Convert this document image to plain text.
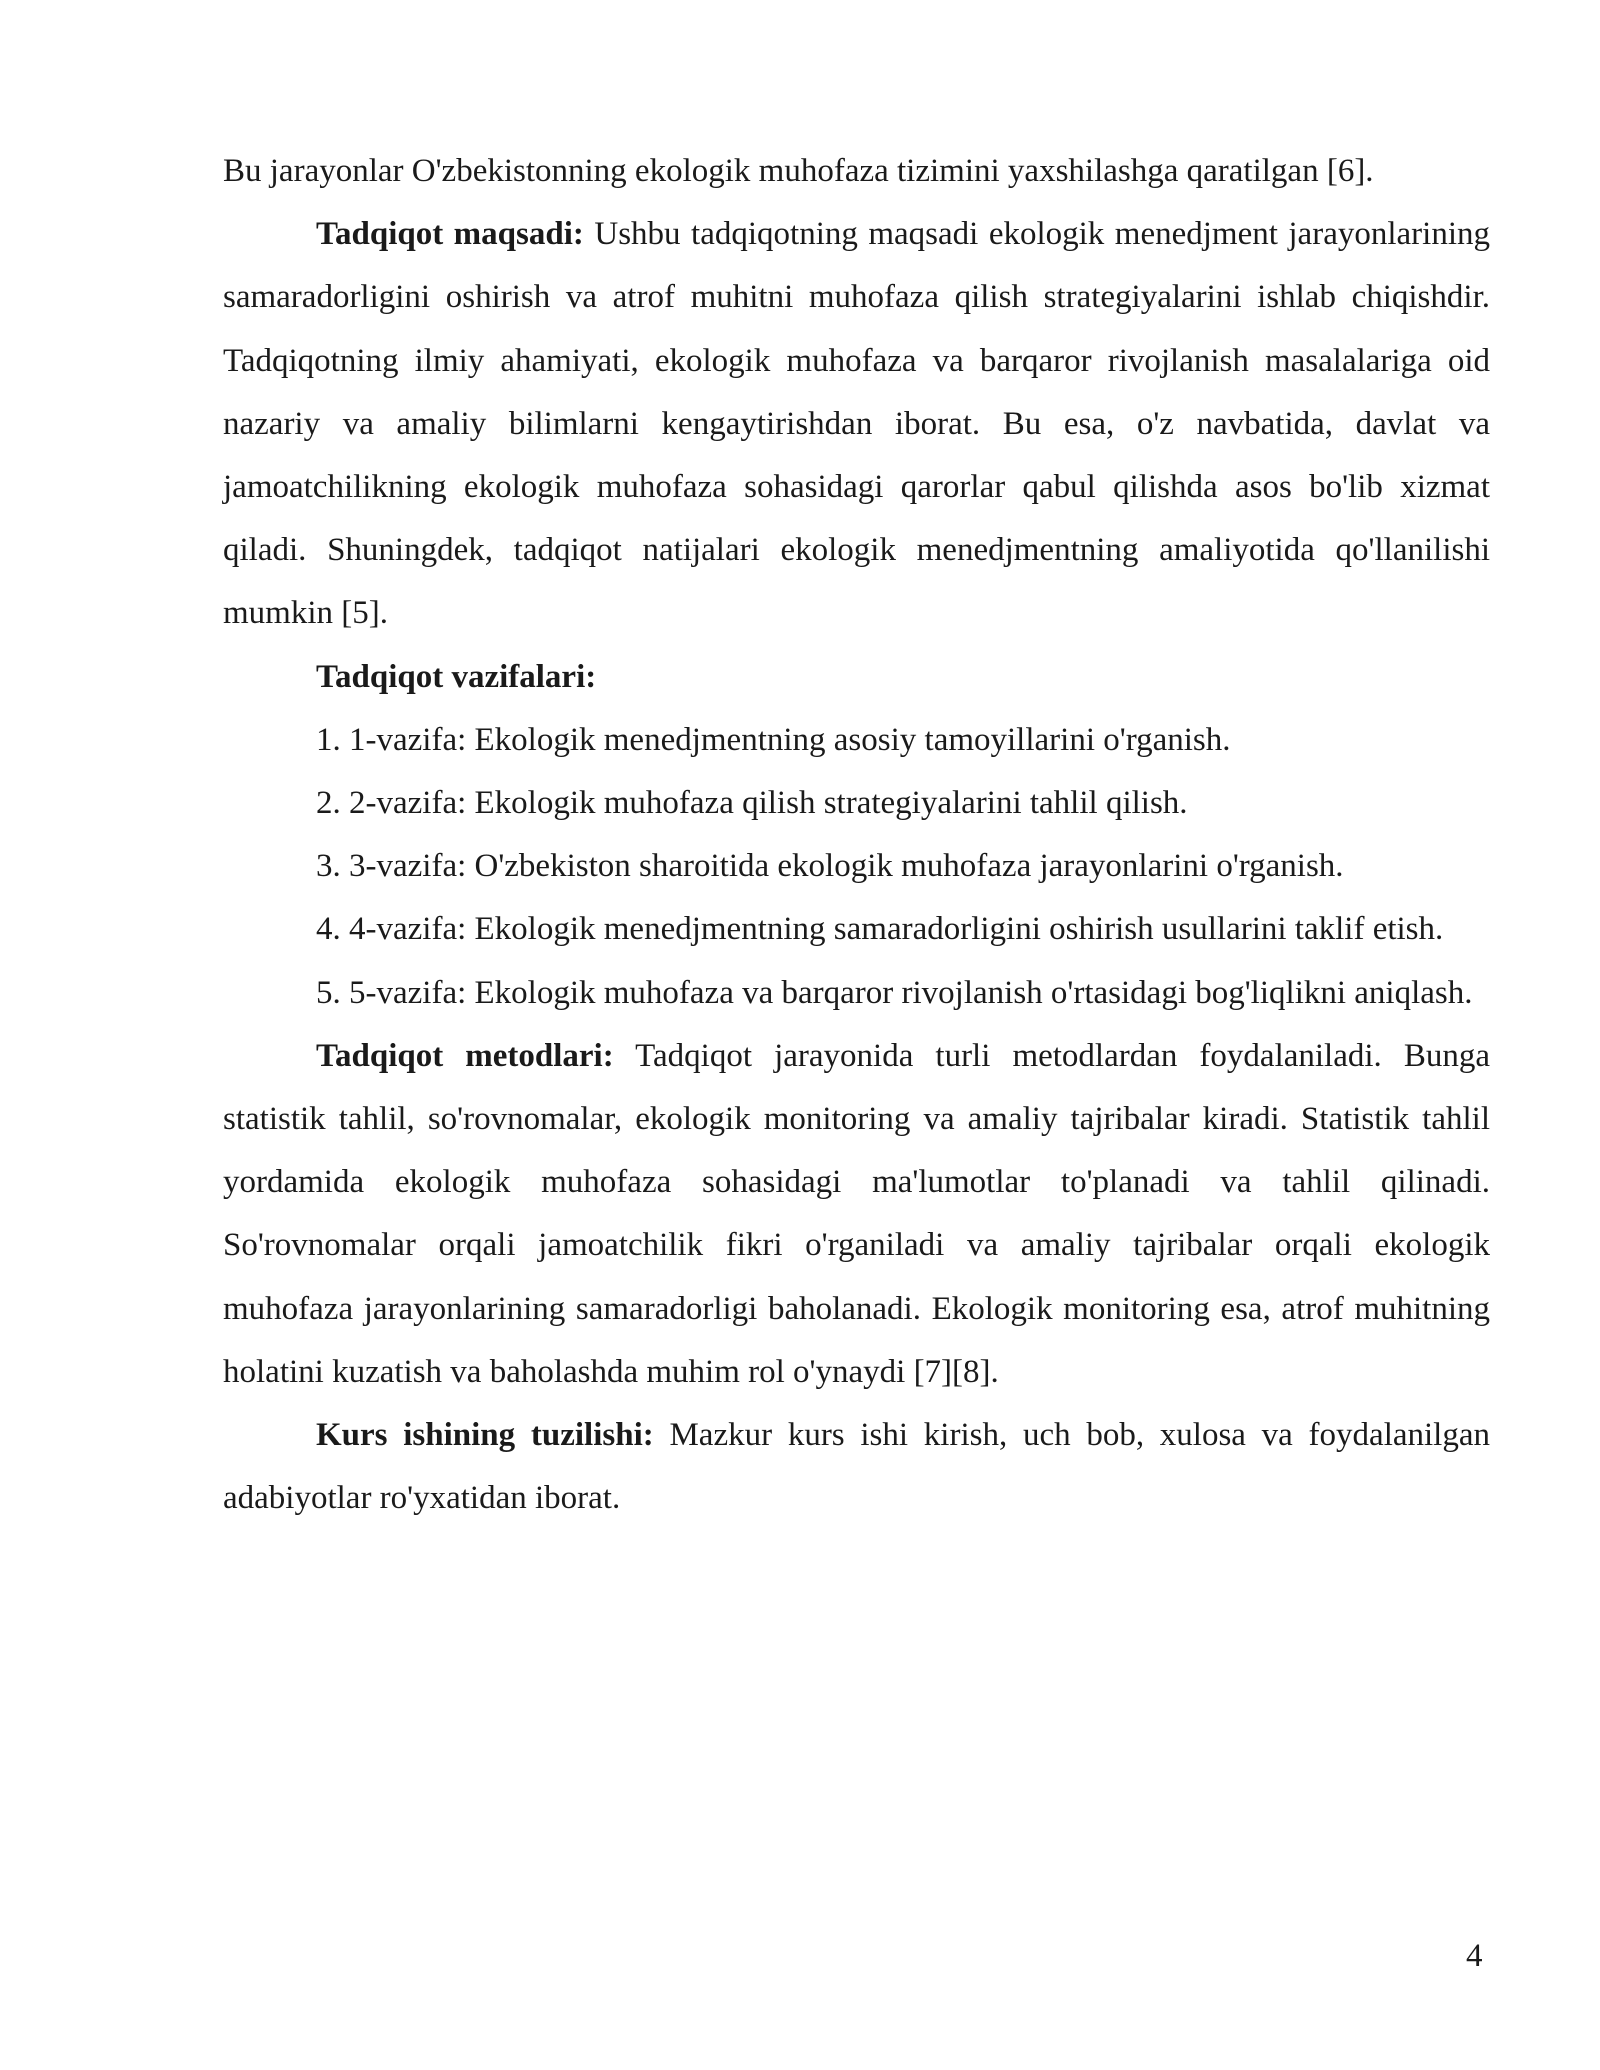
Bu jarayonlar O'zbekistonning ekologik muhofaza tizimini yaxshilashga qaratilgan [6].

Tadqiqot maqsadi: Ushbu tadqiqotning maqsadi ekologik menedjment jarayonlarining samaradorligini oshirish va atrof muhitni muhofaza qilish strategiyalarini ishlab chiqishdir. Tadqiqotning ilmiy ahamiyati, ekologik muhofaza va barqaror rivojlanish masalalariga oid nazariy va amaliy bilimlarni kengaytirishdan iborat. Bu esa, o'z navbatida, davlat va jamoatchilikning ekologik muhofaza sohasidagi qarorlar qabul qilishda asos bo'lib xizmat qiladi. Shuningdek, tadqiqot natijalari ekologik menedjmentning amaliyotida qo'llanilishi mumkin [5].

Tadqiqot vazifalari:

1. 1-vazifa: Ekologik menedjmentning asosiy tamoyillarini o'rganish.
2. 2-vazifa: Ekologik muhofaza qilish strategiyalarini tahlil qilish.
3. 3-vazifa: O'zbekiston sharoitida ekologik muhofaza jarayonlarini o'rganish.
4. 4-vazifa: Ekologik menedjmentning samaradorligini oshirish usullarini taklif etish.
5. 5-vazifa: Ekologik muhofaza va barqaror rivojlanish o'rtasidagi bog'liqlikni aniqlash.

Tadqiqot metodlari: Tadqiqot jarayonida turli metodlardan foydalaniladi. Bunga statistik tahlil, so'rovnomalar, ekologik monitoring va amaliy tajribalar kiradi. Statistik tahlil yordamida ekologik muhofaza sohasidagi ma'lumotlar to'planadi va tahlil qilinadi. So'rovnomalar orqali jamoatchilik fikri o'rganiladi va amaliy tajribalar orqali ekologik muhofaza jarayonlarining samaradorligi baholanadi. Ekologik monitoring esa, atrof muhitning holatini kuzatish va baholashda muhim rol o'ynaydi [7][8].

Kurs ishining tuzilishi: Mazkur kurs ishi kirish, uch bob, xulosa va foydalanilgan adabiyotlar ro'yxatidan iborat.

4
